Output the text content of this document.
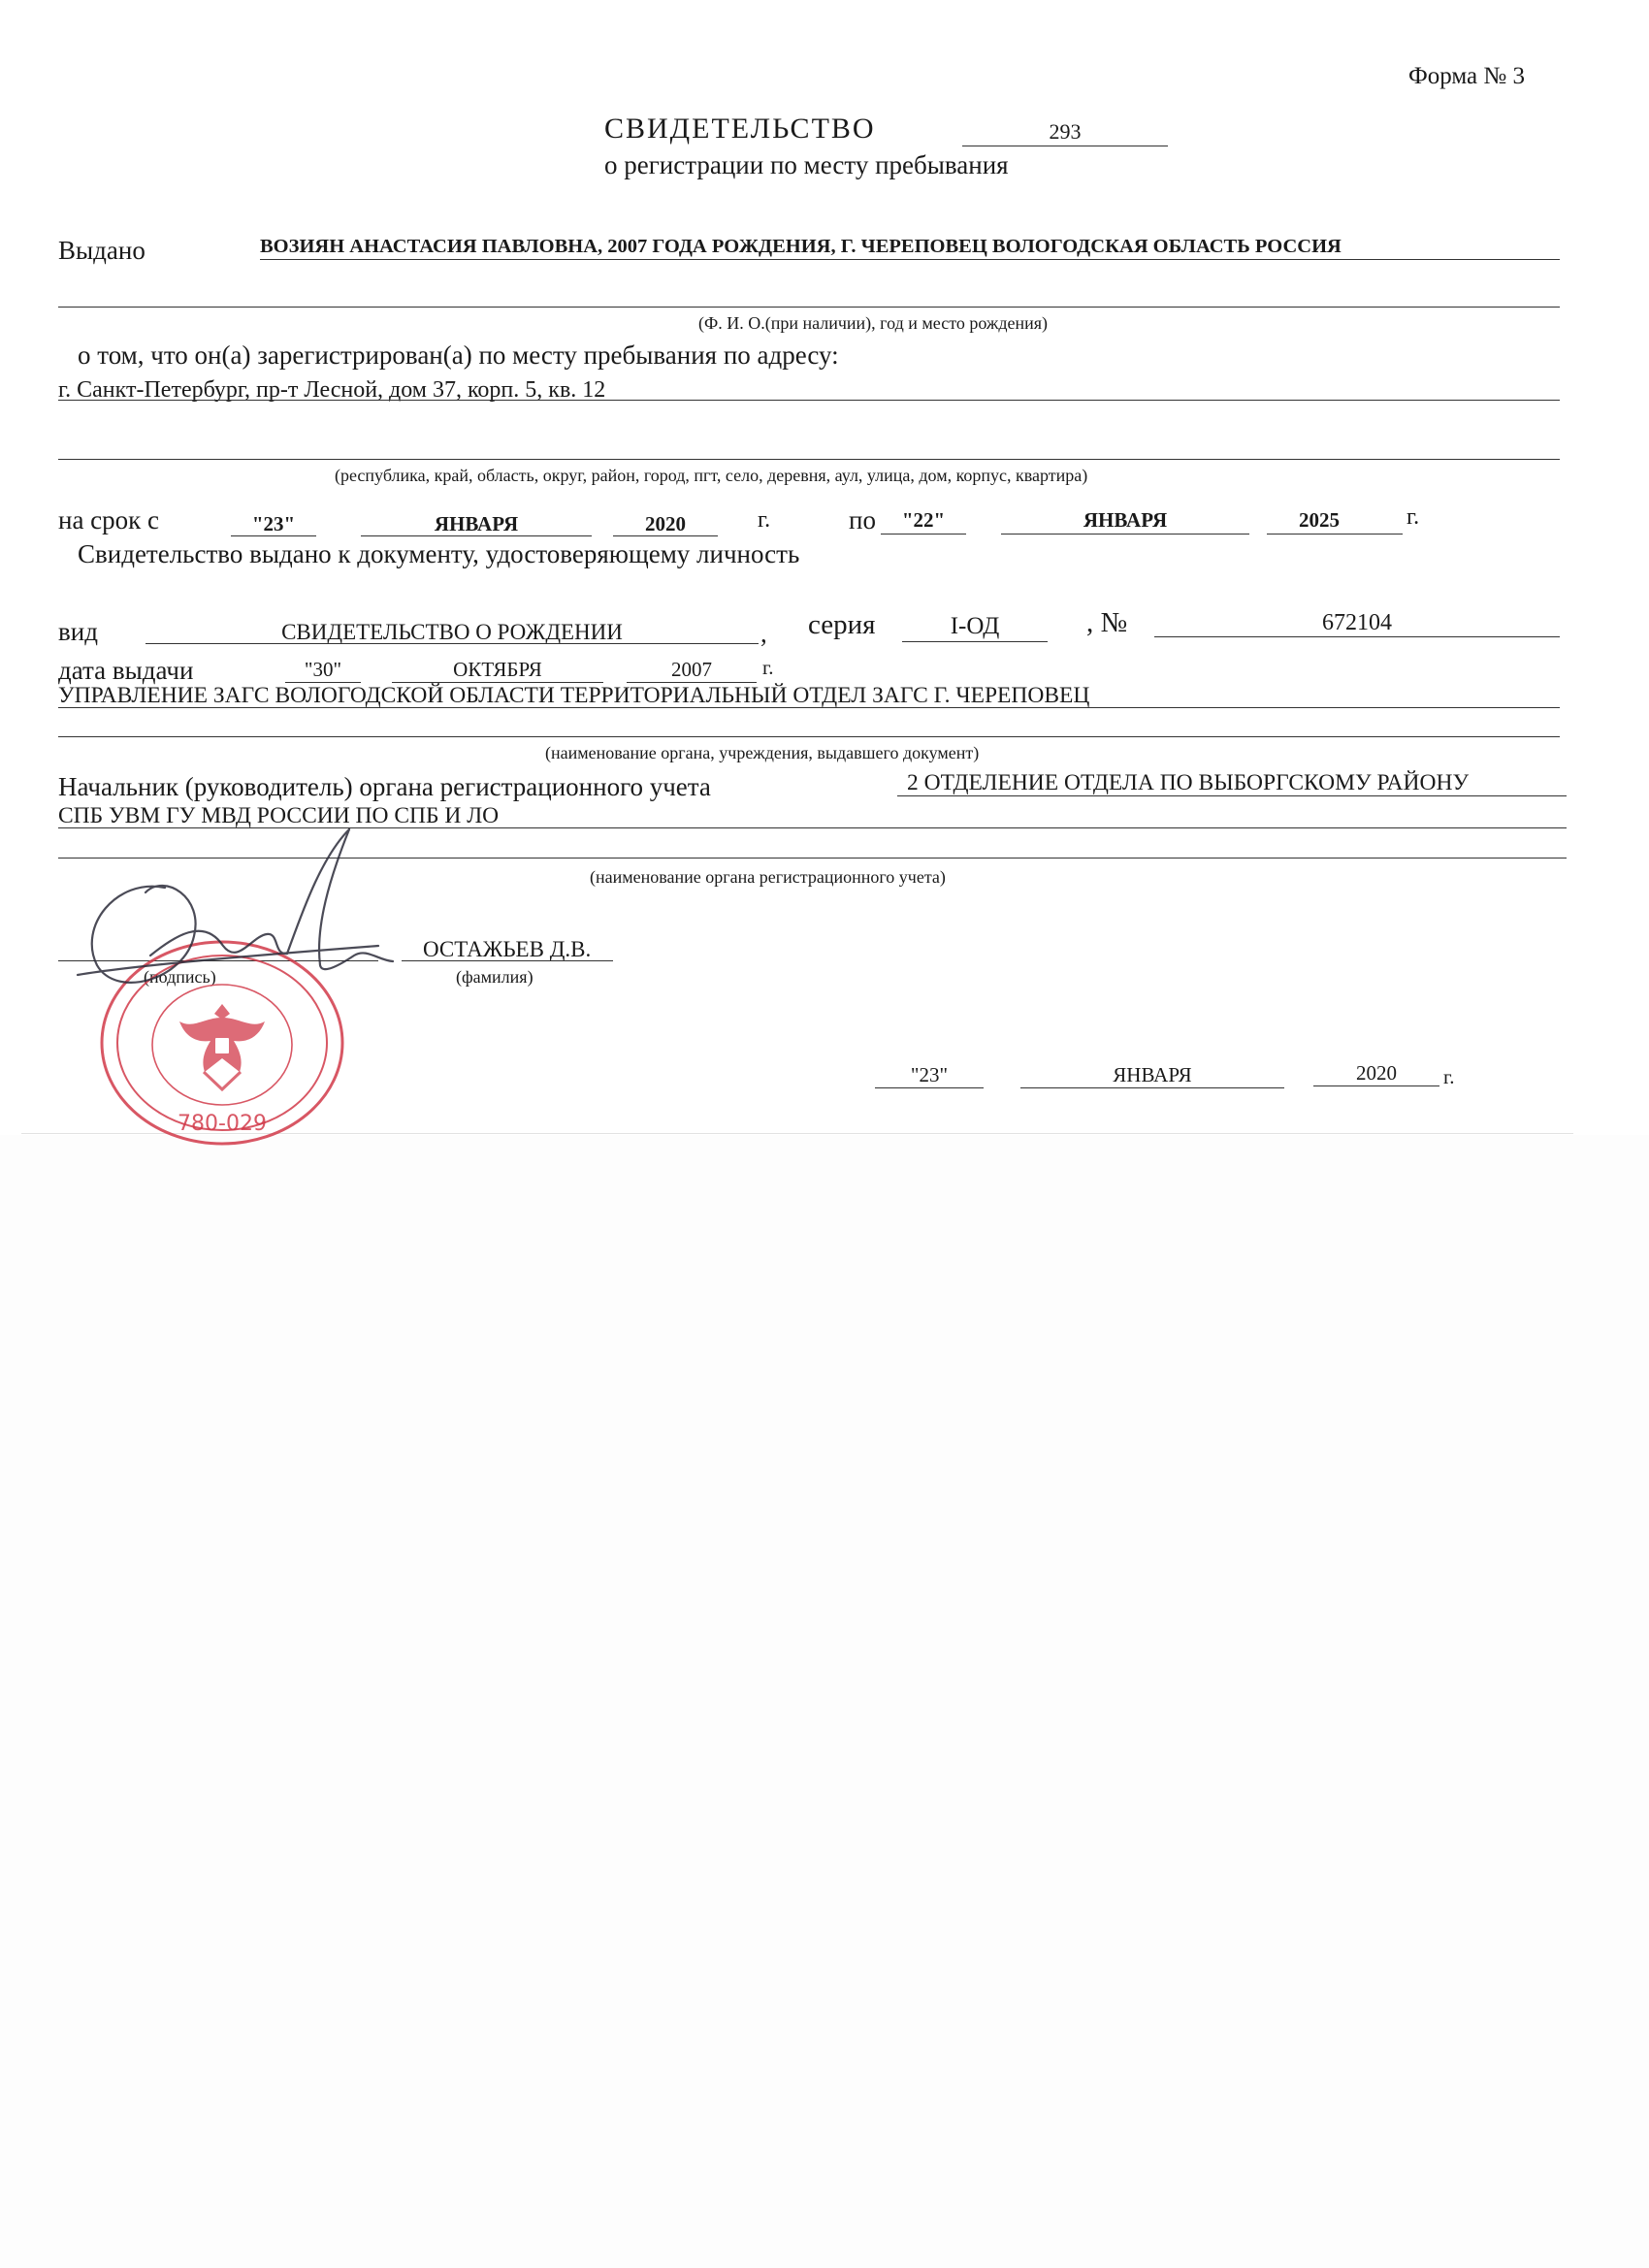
Форма № 3
СВИДЕТЕЛЬСТВО	293
о регистрации по месту пребывания
Выдано	ВОЗИЯН АНАСТАСИЯ ПАВЛОВНА, 2007 ГОДА РОЖДЕНИЯ, Г. ЧЕРЕПОВЕЦ ВОЛОГОДСКАЯ ОБЛАСТЬ РОССИЯ
(Ф. И. О.(при наличии), год и место рождения)
о том, что он(а) зарегистрирован(а) по месту пребывания по адресу:
г. Санкт-Петербург, пр-т Лесной, дом 37, корп. 5, кв. 12
(республика, край, область, округ, район, город, пгт, село, деревня, аул, улица, дом, корпус, квартира)
на срок с	"23"	ЯНВАРЯ	2020	г.	по	"22"	ЯНВАРЯ	2025	г.
Свидетельство выдано к документу, удостоверяющему личность
вид	СВИДЕТЕЛЬСТВО О РОЖДЕНИИ	, серия	I-ОД	, №	672104
дата выдачи	"30"	ОКТЯБРЯ	2007	г.
УПРАВЛЕНИЕ ЗАГС ВОЛОГОДСКОЙ ОБЛАСТИ ТЕРРИТОРИАЛЬНЫЙ ОТДЕЛ ЗАГС Г. ЧЕРЕПОВЕЦ
(наименование органа, учреждения, выдавшего документ)
Начальник (руководитель) органа регистрационного учета	2 ОТДЕЛЕНИЕ ОТДЕЛА ПО ВЫБОРГСКОМУ РАЙОНУ
СПБ УВМ ГУ МВД РОССИИ ПО СПБ И ЛО
(наименование органа регистрационного учета)
(подпись)
ОСТАЖЬЕВ Д.В.
(фамилия)
780-029
"23"	ЯНВАРЯ	2020	г.
